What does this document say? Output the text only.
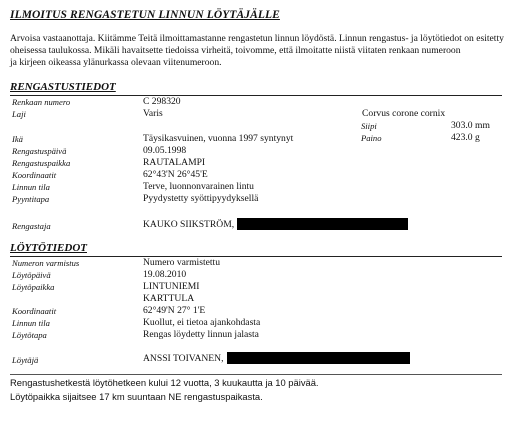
ILMOITUS RENGASTETUN LINNUN LÖYTÄJÄLLE
Arvoisa vastaanottaja. Kiitämme Teitä ilmoittamastanne rengastetun linnun löydöstä. Linnun rengastus- ja löytötiedot on esitetty
oheisessa taulukossa. Mikäli havaitsette tiedoissa virheitä, toivomme, että ilmoitatte niistä viitaten renkaan numeroon
ja kirjeen oikeassa ylänurkassa olevaan viitenumeroon.
RENGASTUSTIEDOT
Renkaan numero	C 298320
Laji	Varis	Corvus corone cornix
Siipi	303.0 mm
Paino	423.0 g
Ikä	Täysikasvuinen, vuonna 1997 syntynyt
Rengastuspäivä	09.05.1998
Rengastuspaikka	RAUTALAMPI
Koordinaatit	62°43'N 26°45'E
Linnun tila	Terve, luonnonvarainen lintu
Pyyntitapa	Pyydystetty syöttipyydyksellä
Rengastaja	KAUKO SIIKSTRÖM,
LÖYTÖTIEDOT
Numeron varmistus	Numero varmistettu
Löytöpäivä	19.08.2010
Löytöpaikka	LINTUNIEMI
KARTTULA
Koordinaatit	62°49'N 27° 1'E
Linnun tila	Kuollut, ei tietoa ajankohdasta
Löytötapa	Rengas löydetty linnun jalasta
Löytäjä	ANSSI TOIVANEN,
Rengastushetkestä löytöhetkeen kului 12 vuotta, 3 kuukautta ja 10 päivää.
Löytöpaikka sijaitsee 17 km suuntaan NE rengastuspaikasta.
